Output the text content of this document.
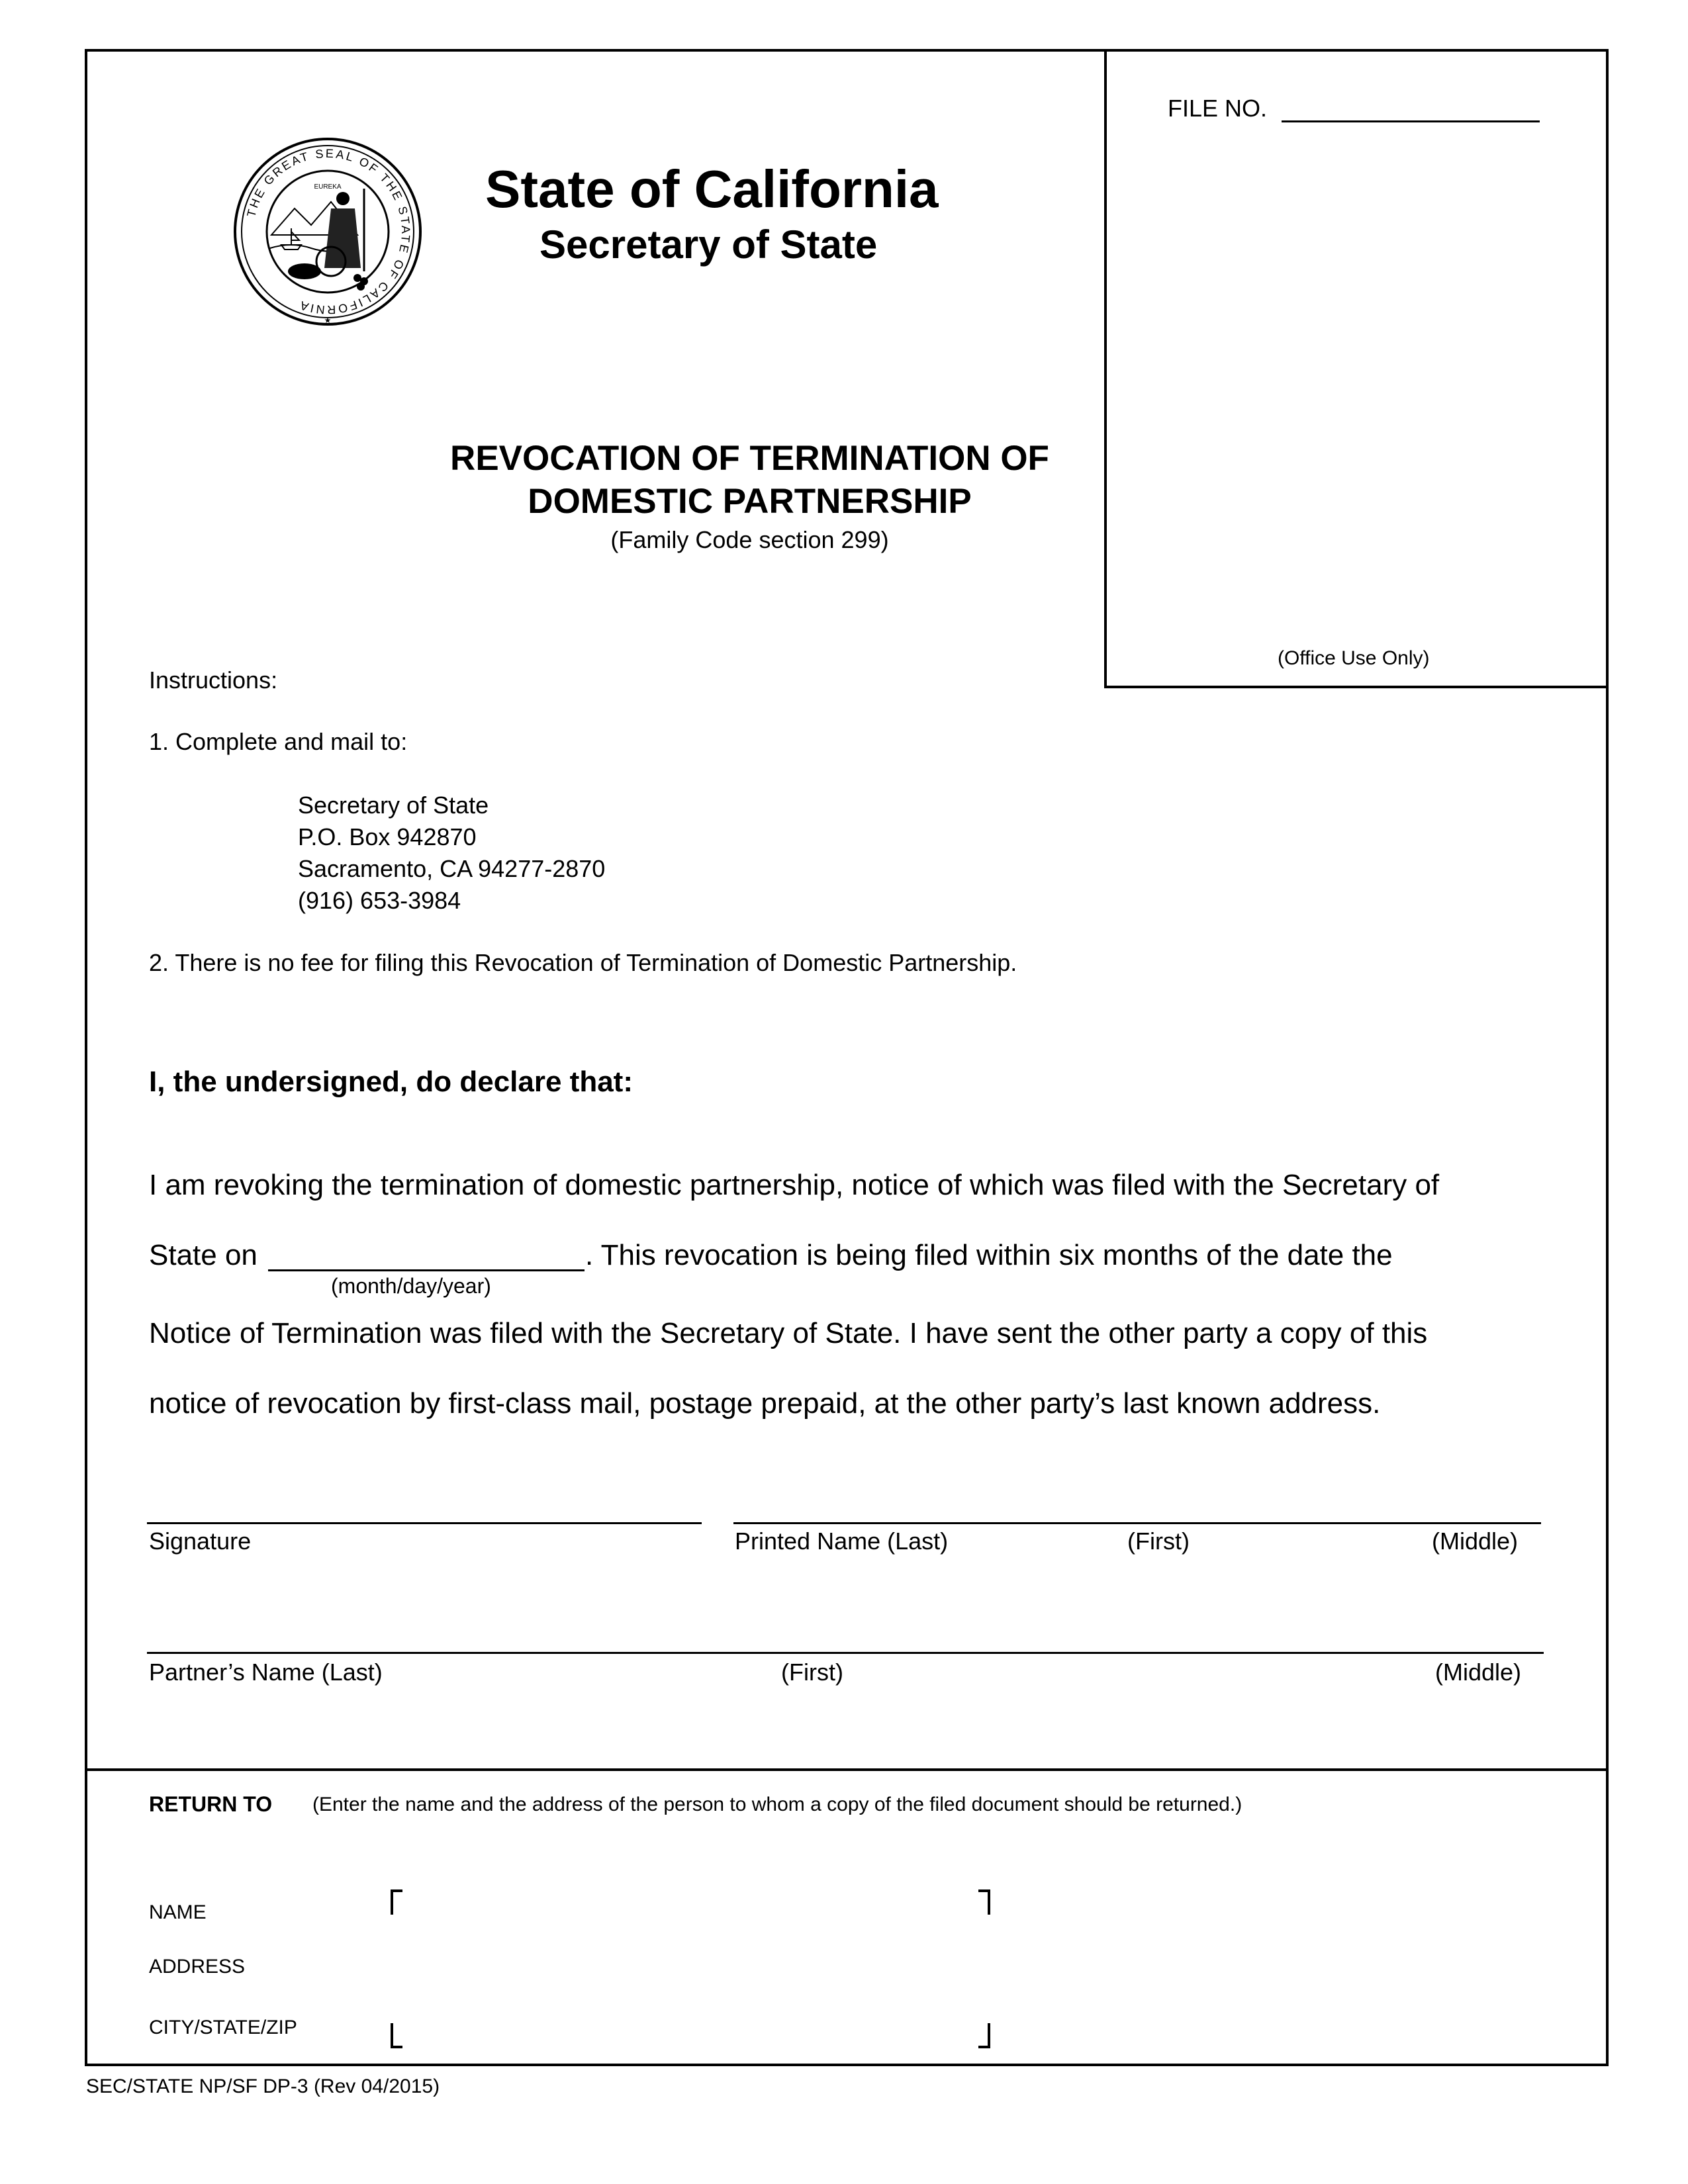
THE GREAT SEAL OF THE STATE OF CALIFORNIA
EUREKA
★
State of California
Secretary of State
FILE NO.
(Office Use Only)
REVOCATION OF TERMINATION OF
DOMESTIC PARTNERSHIP
(Family Code section 299)
Instructions:
1. Complete and mail to:
Secretary of State
P.O. Box 942870
Sacramento, CA 94277-2870
(916) 653-3984
2. There is no fee for filing this Revocation of Termination of Domestic Partnership.
I, the undersigned, do declare that:
I am revoking the termination of domestic partnership, notice of which was filed with the Secretary of
State on	. This revocation is being filed within six months of the date the
(month/day/year)
Notice of Termination was filed with the Secretary of State. I have sent the other party a copy of this
notice of revocation by first-class mail, postage prepaid, at the other party’s last known address.
Signature	Printed Name (Last)	(First)	(Middle)
Partner’s Name (Last)	(First)	(Middle)
RETURN TO (Enter the name and the address of the person to whom a copy of the filed document should be returned.)
NAME
ADDRESS
CITY/STATE/ZIP
SEC/STATE NP/SF DP-3 (Rev 04/2015)
